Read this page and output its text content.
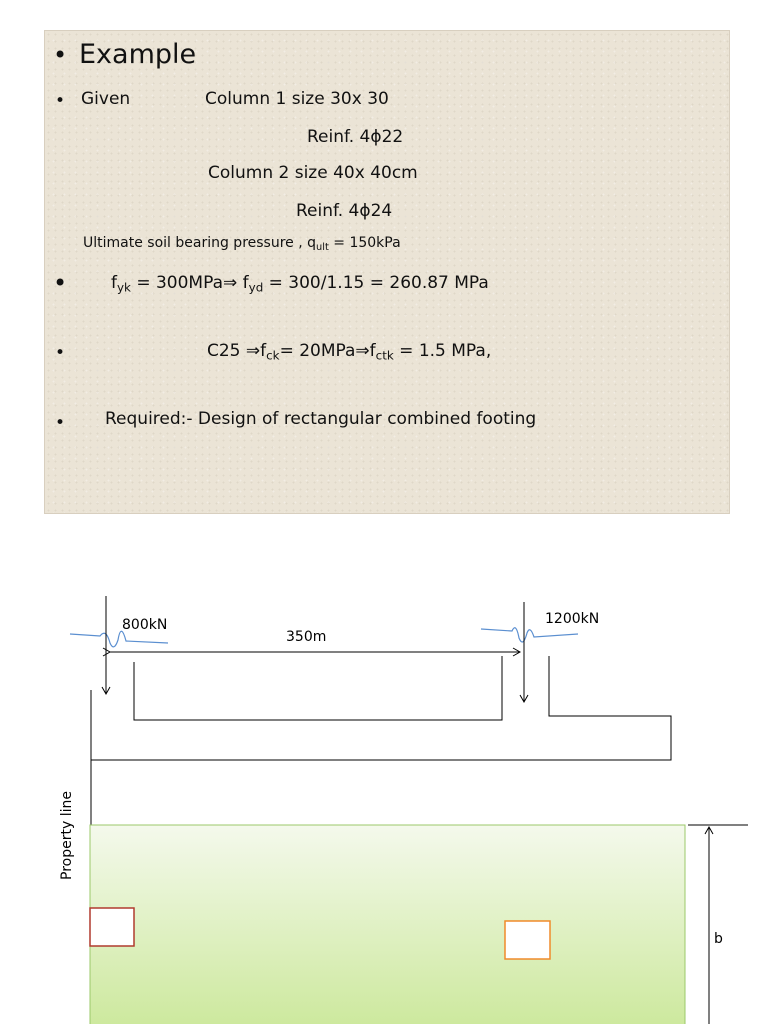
• Example
• Given	Column 1 size 30x 30
Reinf. 4ϕ22
Column 2 size 40x 40cm
Reinf. 4ϕ24
Ultimate soil bearing pressure , $q_{ult} = 150kPa$
•	$f_{yk}$ = 300MPa⇒ $f_{yd} = 300/1.15 = 260.87$ MPa
•	C25 $\Rightarrow f_{ck}=$ $20MPa\Rightarrow f_{ctk} = 1.5$ MPa,
• Required:- Design of rectangular combined footing
800kN	1200kN
350m
Property line
b
